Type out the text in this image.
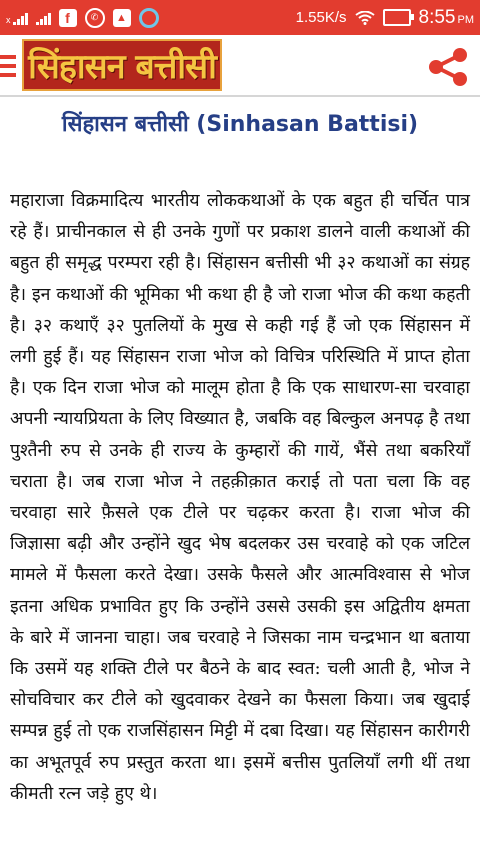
x	f	✆	▲	1.55K/s	8:55 PM
सिंहासन बत्तीसी
सिंहासन बत्तीसी (Sinhasan Battisi)

महाराजा विक्रमादित्य भारतीय लोककथाओं के एक बहुत ही चर्चित पात्र रहे हैं। प्राचीनकाल से ही उनके गुणों पर प्रकाश डालने वाली कथाओं की बहुत ही समृद्ध परम्परा रही है। सिंहासन बत्तीसी भी ३२ कथाओं का संग्रह है। इन कथाओं की भूमिका भी कथा ही है जो राजा भोज की कथा कहती है। ३२ कथाएँ ३२ पुतलियों के मुख से कही गई हैं जो एक सिंहासन में लगी हुई हैं। यह सिंहासन राजा भोज को विचित्र परिस्थिति में प्राप्त होता है। एक दिन राजा भोज को मालूम होता है कि एक साधारण-सा चरवाहा अपनी न्यायप्रियता के लिए विख्यात है, जबकि वह बिल्कुल अनपढ़ है तथा पुश्तैनी रुप से उनके ही राज्य के कुम्हारों की गायें, भैंसे तथा बकरियाँ चराता है। जब राजा भोज ने तहक़ीक़ात कराई तो पता चला कि वह चरवाहा सारे फ़ैसले एक टीले पर चढ़कर करता है। राजा भोज की जिज्ञासा बढ़ी और उन्होंने खुद भेष बदलकर उस चरवाहे को एक जटिल मामले में फैसला करते देखा। उसके फैसले और आत्मविश्वास से भोज इतना अधिक प्रभावित हुए कि उन्होंने उससे उसकी इस अद्वितीय क्षमता के बारे में जानना चाहा। जब चरवाहे ने जिसका नाम चन्द्रभान था बताया कि उसमें यह शक्ति टीले पर बैठने के बाद स्वत: चली आती है, भोज ने सोचविचार कर टीले को खुदवाकर देखने का फैसला किया। जब खुदाई सम्पन्न हुई तो एक राजसिंहासन मिट्टी में दबा दिखा। यह सिंहासन कारीगरी का अभूतपूर्व रुप प्रस्तुत करता था। इसमें बत्तीस पुतलियाँ लगी थीं तथा कीमती रत्न जड़े हुए थे।
